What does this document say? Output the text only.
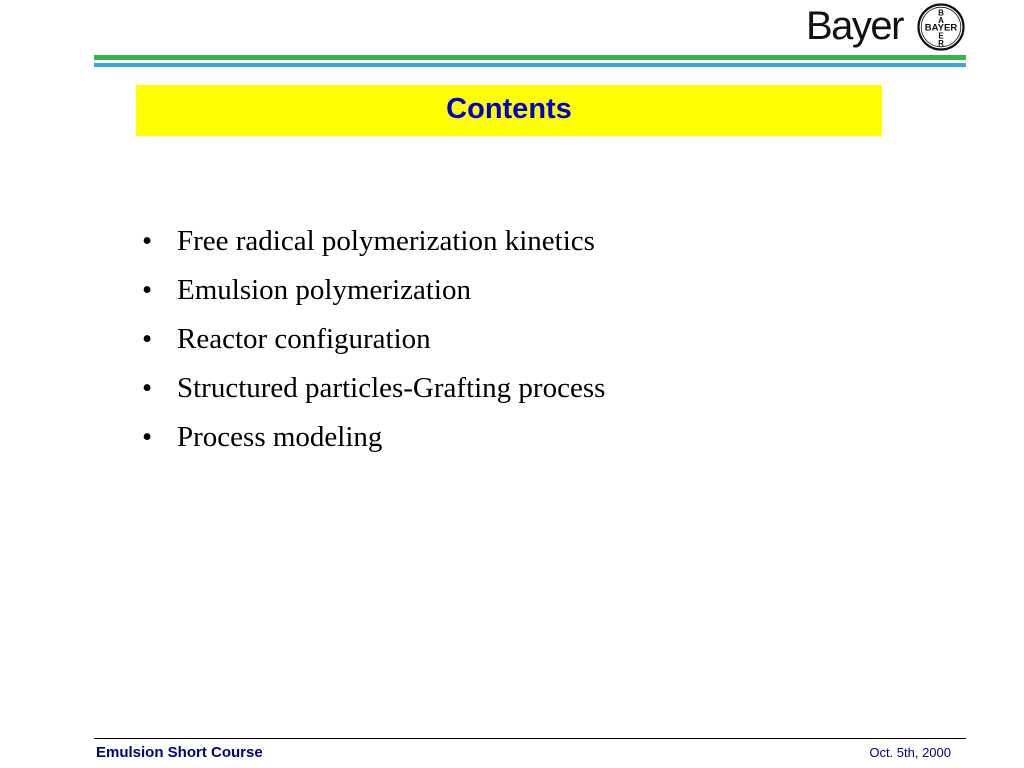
Bayer BAYER
B
A
E
R
Contents
• Free radical polymerization kinetics
• Emulsion polymerization
• Reactor configuration
• Structured particles-Grafting process
• Process modeling
Emulsion Short Course	Oct. 5th, 2000
